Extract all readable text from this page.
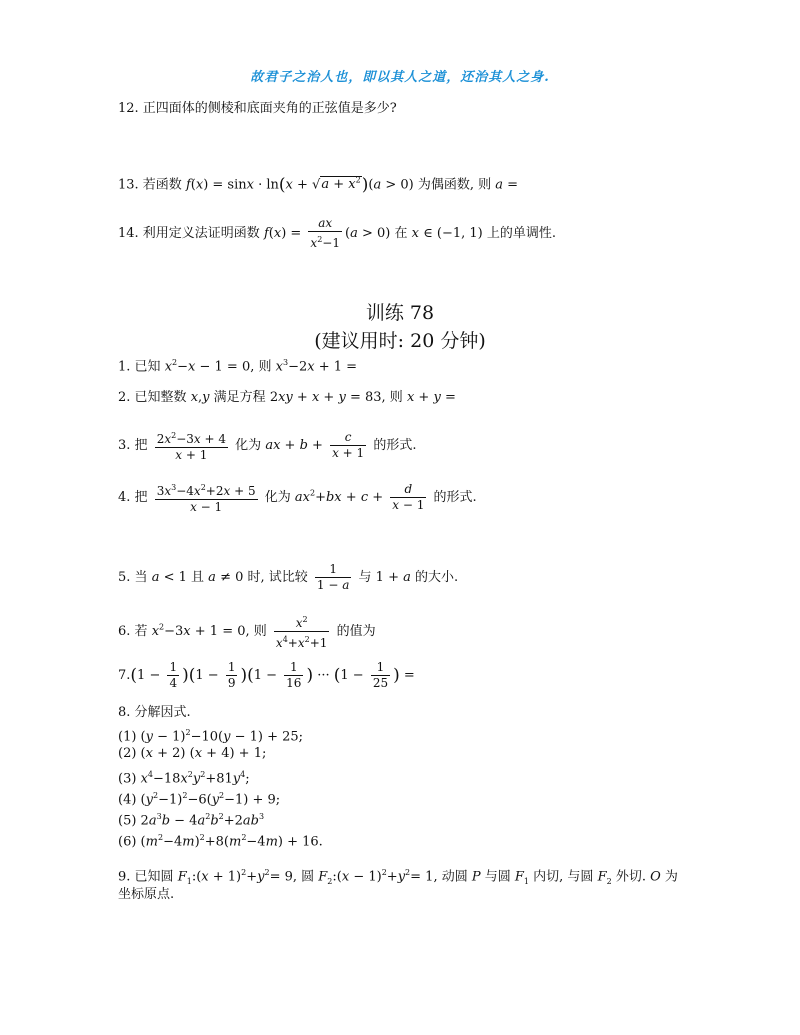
故君子之治人也，即以其人之道，还治其人之身.
12. 正四面体的侧棱和底面夹角的正弦值是多少?
13. 若函数 $f(x) = \sin x \cdot \ln(x + √a + x^2)(a > 0)$ 为偶函数, 则 a =
14. 利用定义法证明函数 $f(x) = \frac{ax}{x^2-1} (a > 0)$ 在 x ∈ (−1, 1) 上的单调性.
训练 78
(建议用时: 20 分钟)
1. 已知 $x^2-x - 1 = 0$, 则 $x^3-2x + 1$ =
2. 已知整数 x,y 满足方程 2xy + x + y = 83, 则 x + y =
3. 把 $\frac{2x^2-3x + 4}{x + 1}$ 化为 ax + $b + \frac{c}{x + 1}$ 的形式.
4. 把 $\frac{3x^3-4x^2+2x + 5}{x - 1}$ 化为 $ax^2+bx + c + \frac{d}{x - 1}$ 的形式.
5. 当 a < 1 且 a ≠ 0 时, 试比较 $\frac{1}{1 - a}$ 与 1 + a 的大小.
6. 若 $x^2-3x + 1 = 0$, 则 $\frac{x^2}{x^4+x^2+1}$ 的值为
$7.(1 - \frac{1}{4} )(1 - \frac{1}{9} )(1 - \frac{1}{16}$ ) ··· ($1 - \frac{1}{25}$ ) =
8. 分解因式.
(1) $(y - 1)^2-10(y - 1) + 25$;
(2) (x + 2) (x + 4) + 1;
(3) $x^4-18x^2y^2+81y^4$;
(4) $(y^2-1)^2-6(y^2-1) + 9$;
(5) $2a^3b - 4a^2b^2+2ab^3$
(6) $(m^2-4m)^2+8(m^2-4m) + 16$.
9. 已知圆 $F_1:(x + 1)^2+y^2= 9$, 圆 $F_2:(x - 1)^2+y^2= 1$, 动圆 P 与圆 $F_1$ 内切, 与圆 $F_2$ 外切. O 为
坐标原点.
